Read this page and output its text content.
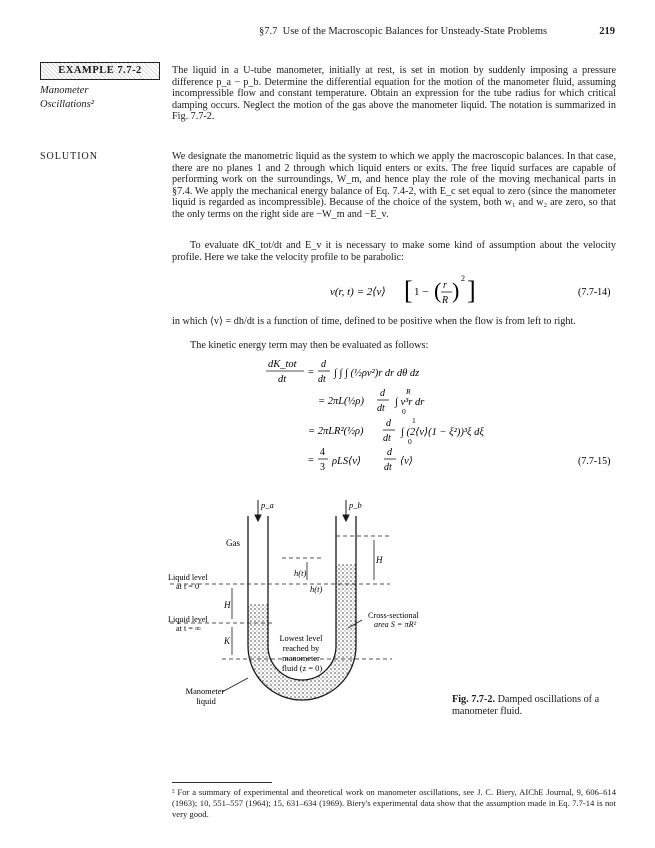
§7.7 Use of the Macroscopic Balances for Unsteady-State Problems	219
EXAMPLE 7.7-2
Manometer
Oscillations²
SOLUTION

The liquid in a U-tube manometer, initially at rest, is set in motion by suddenly imposing a pressure difference p_a − p_b. Determine the differential equation for the motion of the manometer fluid, assuming incompressible flow and constant temperature. Obtain an expression for the tube radius for which critical damping occurs. Neglect the motion of the gas above the manometer liquid. The notation is summarized in Fig. 7.7-2.

We designate the manometric liquid as the system to which we apply the macroscopic balances. In that case, there are no planes 1 and 2 through which liquid enters or exits. The free liquid surfaces are capable of performing work on the surroundings, W_m, and hence play the role of the moving mechanical parts in §7.4. We apply the mechanical energy balance of Eq. 7.4-2, with E_c set equal to zero (since the manometer liquid is regarded as incompressible). Because of the choice of the system, both w₁ and w₂ are zero, so that the only terms on the right side are −W_m and −E_v.

To evaluate dK_tot/dt and E_v it is necessary to make some kind of assumption about the velocity profile. Here we take the velocity profile to be parabolic:

v(r, t) = 2⟨v⟩ [ 1 − ( r
R ) 2 ]	(7.7-14)

in which ⟨v⟩ = dh/dt is a function of time, defined to be positive when the flow is from left to right.

The kinetic energy term may then be evaluated as follows:

dK_tot
dt
=
d
dt
∫ ∫ ∫ (½ρv²)r dr dθ dz
= 2πL(½ρ)
d
dt
∫ v³r dr
R
0
= 2πLR²(½ρ)
d
dt
∫ (2⟨v⟩(1 − ξ²))³ξ dξ
1
0
=
4
3
ρLS⟨v⟩
d
dt
⟨v⟩	(7.7-15)
p_a	p_b
Gas
h(t)
h(t)
H
H
K
Liquid level at t = 0
Liquid level at t = ∞
Cross-sectional area S = πR²
Lowest level reached by manometer fluid (z = 0)
Manometer liquid	Fig. 7.7-2. Damped oscillations of a manometer fluid.

² For a summary of experimental and theoretical work on manometer oscillations, see J. C. Biery, AIChE Journal, 9, 606–614 (1963); 10, 551–557 (1964); 15, 631–634 (1969). Biery's experimental data show that the assumption made in Eq. 7.7-14 is not very good.
